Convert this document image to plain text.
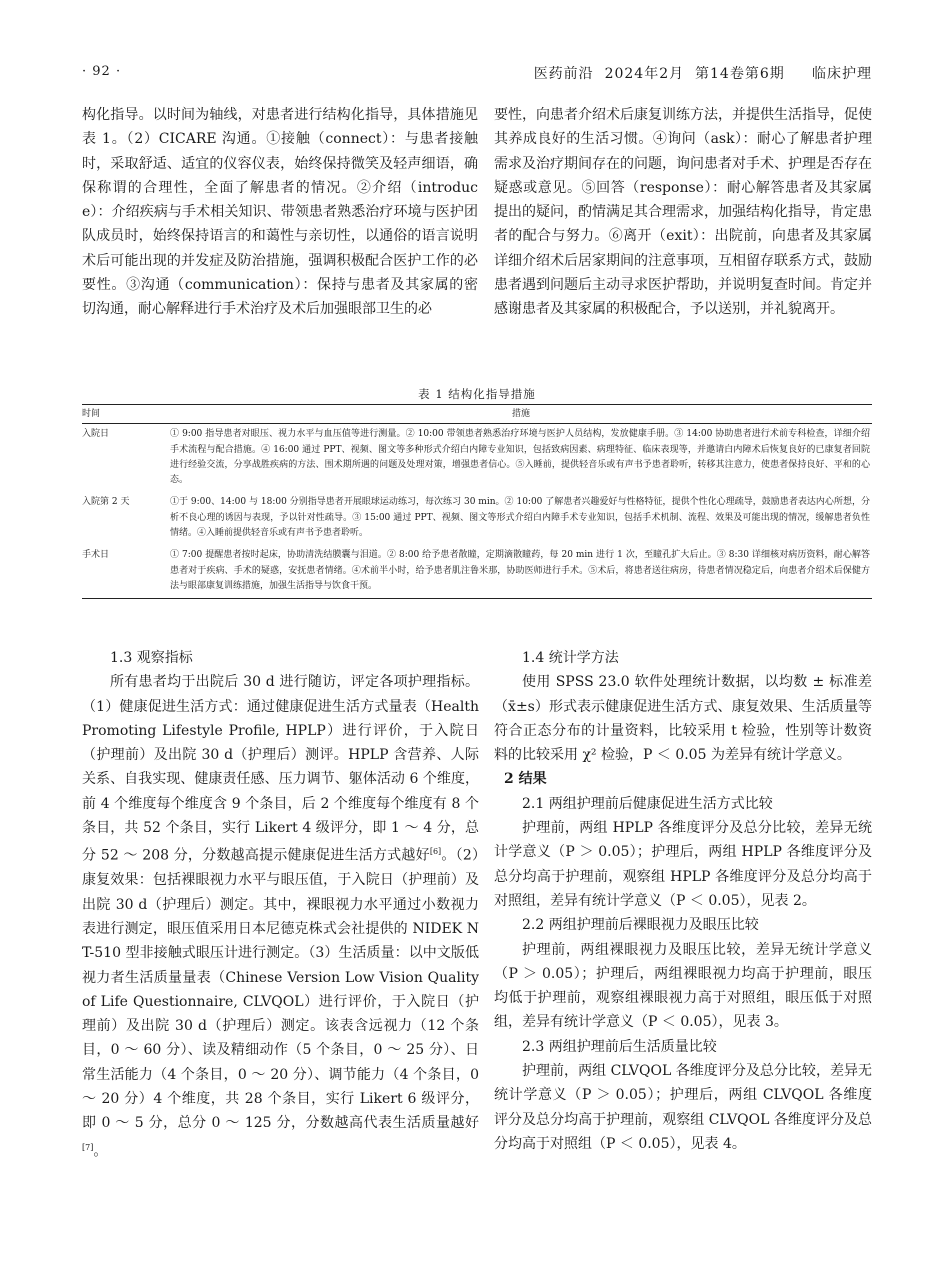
· 92 ·	医药前沿  2024年2月  第14卷第6期     临床护理

构化指导。以时间为轴线，对患者进行结构化指导，具体措施见表 1。（2）CICARE 沟通。①接触（connect）：与患者接触时，采取舒适、适宜的仪容仪表，始终保持微笑及轻声细语，确保称谓的合理性，全面了解患者的情况。②介绍（introduce）：介绍疾病与手术相关知识、带领患者熟悉治疗环境与医护团队成员时，始终保持语言的和蔼性与亲切性，以通俗的语言说明术后可能出现的并发症及防治措施，强调积极配合医护工作的必要性。③沟通（communication）：保持与患者及其家属的密切沟通，耐心解释进行手术治疗及术后加强眼部卫生的必

要性，向患者介绍术后康复训练方法，并提供生活指导，促使其养成良好的生活习惯。④询问（ask）：耐心了解患者护理需求及治疗期间存在的问题，询问患者对手术、护理是否存在疑惑或意见。⑤回答（response）：耐心解答患者及其家属提出的疑问，酌情满足其合理需求，加强结构化指导，肯定患者的配合与努力。⑥离开（exit）：出院前，向患者及其家属详细介绍术后居家期间的注意事项，互相留存联系方式，鼓励患者遇到问题后主动寻求医护帮助，并说明复查时间。肯定并感谢患者及其家属的积极配合，予以送别，并礼貌离开。

表 1 结构化指导措施
时间	措施
入院日	① 9:00 指导患者对眼压、视力水平与血压值等进行测量。② 10:00 带领患者熟悉治疗环境与医护人员结构，发放健康手册。③ 14:00 协助患者进行术前专科检查，详细介绍手术流程与配合措施。④ 16:00 通过 PPT、视频、图文等多种形式介绍白内障专业知识，包括致病因素、病理特征、临床表现等，并邀请白内障术后恢复良好的已康复者回院进行经验交流，分享战胜疾病的方法、围术期所遇的问题及处理对策，增强患者信心。⑤入睡前，提供轻音乐或有声书予患者聆听，转移其注意力，使患者保持良好、平和的心态。
入院第 2 天	①于 9:00、14:00 与 18:00 分别指导患者开展眼球运动练习，每次练习 30 min。② 10:00 了解患者兴趣爱好与性格特征，提供个性化心理疏导，鼓励患者表达内心所想，分析不良心理的诱因与表现，予以针对性疏导。③ 15:00 通过 PPT、视频、图文等形式介绍白内障手术专业知识，包括手术机制、流程、效果及可能出现的情况，缓解患者负性情绪。④入睡前提供轻音乐或有声书予患者聆听。
手术日	① 7:00 提醒患者按时起床，协助清洗结膜囊与泪道。② 8:00 给予患者散瞳，定期滴散瞳药，每 20 min 进行 1 次，至瞳孔扩大后止。③ 8:30 详细核对病历资料，耐心解答患者对于疾病、手术的疑惑，安抚患者情绪。④术前半小时，给予患者肌注鲁米那，协助医师进行手术。⑤术后，将患者送往病房，待患者情况稳定后，向患者介绍术后保健方法与眼部康复训练措施，加强生活指导与饮食干预。

1.3 观察指标

所有患者均于出院后 30 d 进行随访，评定各项护理指标。（1）健康促进生活方式：通过健康促进生活方式量表（Health Promoting Lifestyle Profile, HPLP）进行评价，于入院日（护理前）及出院 30 d（护理后）测评。HPLP 含营养、人际关系、自我实现、健康责任感、压力调节、躯体活动 6 个维度，前 4 个维度每个维度含 9 个条目，后 2 个维度每个维度有 8 个条目，共 52 个条目，实行 Likert 4 级评分，即 1 ～ 4 分，总分 52 ～ 208 分，分数越高提示健康促进生活方式越好[6]。（2）康复效果：包括裸眼视力水平与眼压值，于入院日（护理前）及出院 30 d（护理后）测定。其中，裸眼视力水平通过小数视力表进行测定，眼压值采用日本尼德克株式会社提供的 NIDEK NT-510 型非接触式眼压计进行测定。（3）生活质量：以中文版低视力者生活质量量表（Chinese Version Low Vision Quality of Life Questionnaire, CLVQOL）进行评价，于入院日（护理前）及出院 30 d（护理后）测定。该表含远视力（12 个条目，0 ～ 60 分）、读及精细动作（5 个条目，0 ～ 25 分）、日常生活能力（4 个条目，0 ～ 20 分）、调节能力（4 个条目，0 ～ 20 分）4 个维度，共 28 个条目，实行 Likert 6 级评分，即 0 ～ 5 分，总分 0 ～ 125 分，分数越高代表生活质量越好[7]。

1.4 统计学方法

使用 SPSS 23.0 软件处理统计数据，以均数 ± 标准差（x̄±s）形式表示健康促进生活方式、康复效果、生活质量等符合正态分布的计量资料，比较采用 t 检验，性别等计数资料的比较采用 χ² 检验，P ＜ 0.05 为差异有统计学意义。

2 结果

2.1 两组护理前后健康促进生活方式比较

护理前，两组 HPLP 各维度评分及总分比较，差异无统计学意义（P ＞ 0.05）；护理后，两组 HPLP 各维度评分及总分均高于护理前，观察组 HPLP 各维度评分及总分均高于对照组，差异有统计学意义（P ＜ 0.05），见表 2。

2.2 两组护理前后裸眼视力及眼压比较

护理前，两组裸眼视力及眼压比较，差异无统计学意义（P ＞ 0.05）；护理后，两组裸眼视力均高于护理前，眼压均低于护理前，观察组裸眼视力高于对照组，眼压低于对照组，差异有统计学意义（P ＜ 0.05），见表 3。

2.3 两组护理前后生活质量比较

护理前，两组 CLVQOL 各维度评分及总分比较，差异无统计学意义（P ＞ 0.05）；护理后，两组 CLVQOL 各维度评分及总分均高于护理前，观察组 CLVQOL 各维度评分及总分均高于对照组（P ＜ 0.05），见表 4。
